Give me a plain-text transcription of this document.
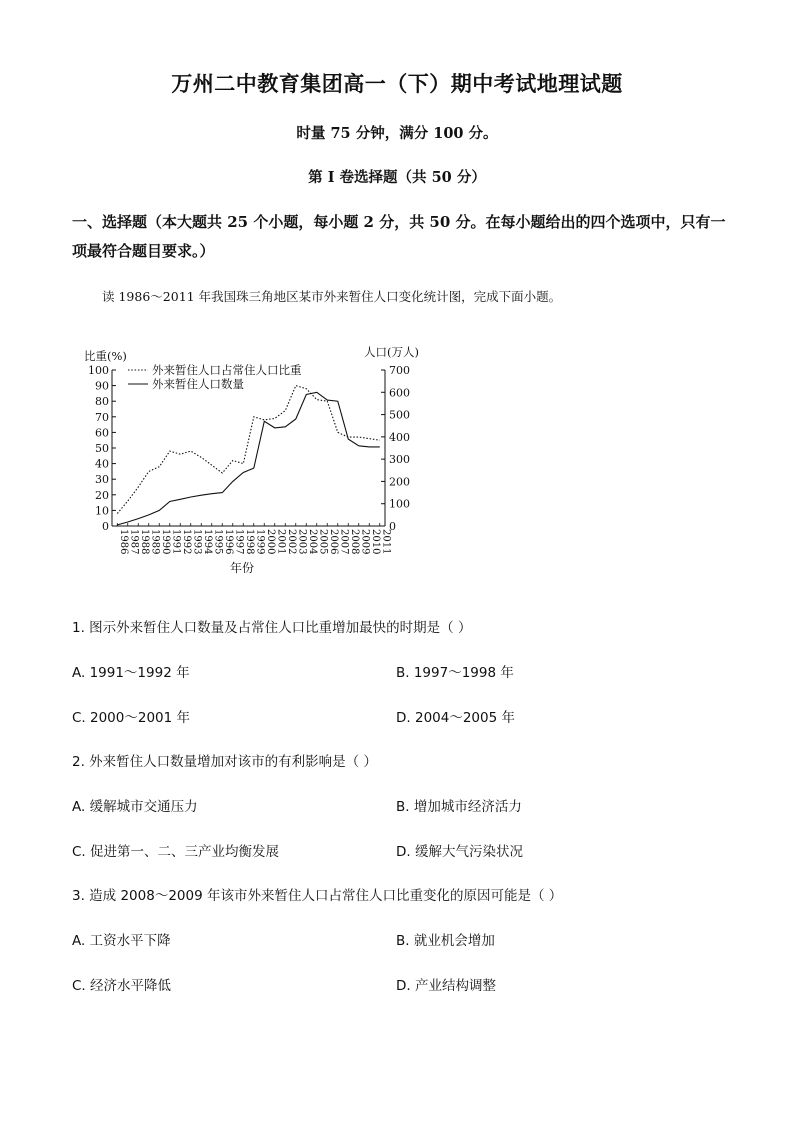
万州二中教育集团高一（下）期中考试地理试题
时量 75 分钟，满分 100 分。
第 I 卷选择题（共 50 分）
一、选择题（本大题共 25 个小题，每小题 2 分，共 50 分。在每小题给出的四个选项中，只有一项最符合题目要求。）
读 1986～2011 年我国珠三角地区某市外来暂住人口变化统计图，完成下面小题。
0
10
20
30
40
50
60
70
80
90
100
0
100
200
300
400
500
600
700
1986 1987 1988 1989 1990 1991 1992 1993 1994 1995 1996 1997 1998 1999 2000 2001 2002 2003 2004 2005 2006 2007 2008 2009 2010 2011
外来暂住人口占常住人口比重
外来暂住人口数量
比重(%)	人口(万人)
年份
1. 图示外来暂住人口数量及占常住人口比重增加最快的时期是（ ）
A. 1991～1992 年	B. 1997～1998 年
C. 2000～2001 年	D. 2004～2005 年
2. 外来暂住人口数量增加对该市的有利影响是（ ）
A. 缓解城市交通压力	B. 增加城市经济活力
C. 促进第一、二、三产业均衡发展	D. 缓解大气污染状况
3. 造成 2008～2009 年该市外来暂住人口占常住人口比重变化的原因可能是（ ）
A. 工资水平下降	B. 就业机会增加
C. 经济水平降低	D. 产业结构调整
